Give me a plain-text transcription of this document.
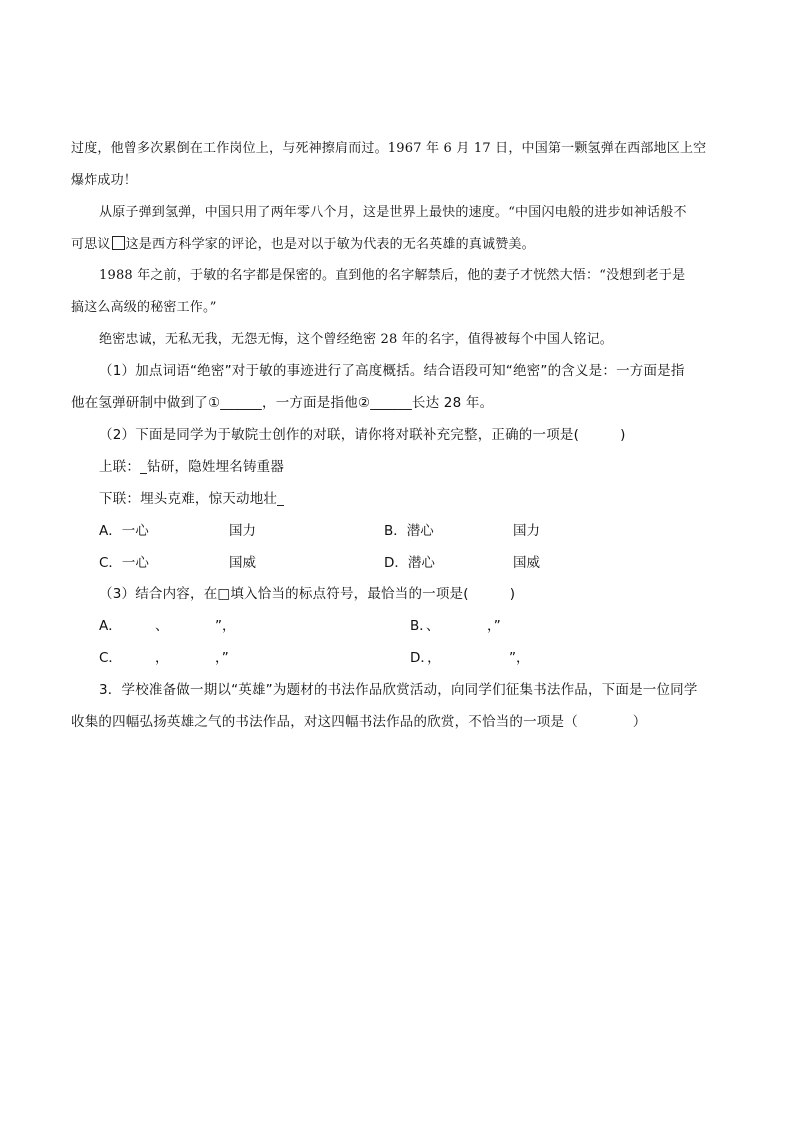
过度，他曾多次累倒在工作岗位上，与死神擦肩而过。1967 年 6 月 17 日，中国第一颗氢弹在西部地区上空
爆炸成功！
从原子弹到氢弹，中国只用了两年零八个月，这是世界上最快的速度。“中国闪电般的进步如神话般不
可思议 这是西方科学家的评论，也是对以于敏为代表的无名英雄的真诚赞美。
1988 年之前，于敏的名字都是保密的。直到他的名字解禁后，他的妻子才恍然大悟：“没想到老于是
搞这么高级的秘密工作。”
绝密忠诚，无私无我，无怨无悔，这个曾经绝密 28 年的名字，值得被每个中国人铭记。
（1）加点词语“绝密”对于敏的事迹进行了高度概括。结合语段可知“绝密”的含义是：一方面是指
他在氢弹研制中做到了①______，一方面是指他②______长达 28 年。
（2）下面是同学为于敏院士创作的对联，请你将对联补充完整，正确的一项是(　　　)
上联：_钻研，隐姓埋名铸重器
下联：埋头克难，惊天动地壮_
A．一心	国力	B．潜心	国力
C．一心	国威	D．潜心	国威
（3）结合内容，在□填入恰当的标点符号，最恰当的一项是(　　　)
A． 、	”，	B．、	，”
C． ，	，”	D．，	”，
3．学校准备做一期以“英雄”为题材的书法作品欣赏活动，向同学们征集书法作品，下面是一位同学
收集的四幅弘扬英雄之气的书法作品，对这四幅书法作品的欣赏，不恰当的一项是（　　　　）
